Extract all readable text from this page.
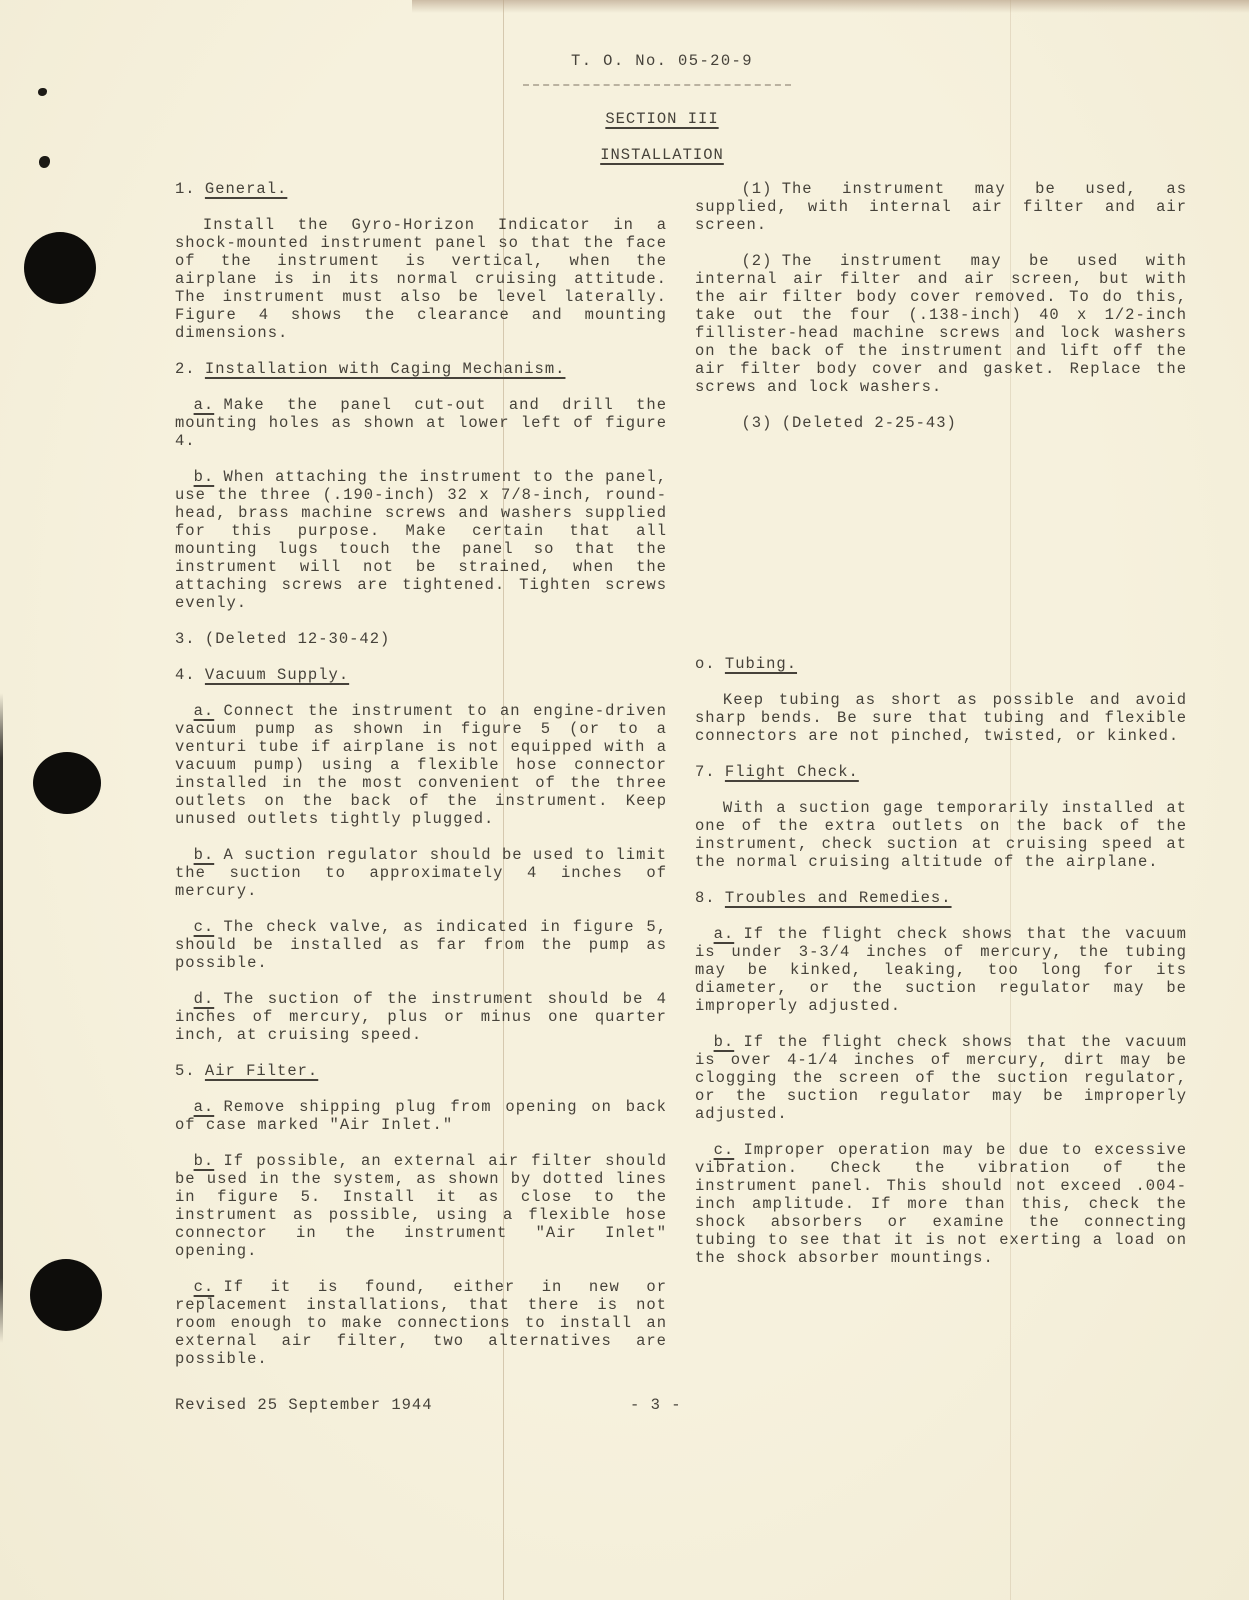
T. O. No. 05-20-9
SECTION III
INSTALLATION

1. General.

Install the Gyro-Horizon Indicator in a shock-mounted instrument panel so that the face of the instrument is vertical, when the airplane is in its normal cruising attitude. The instrument must also be level laterally. Figure 4 shows the clearance and mounting dimensions.

2. Installation with Caging Mechanism.

a. Make the panel cut-out and drill the mounting holes as shown at lower left of figure 4.

b. When attaching the instrument to the panel, use the three (.190-inch) 32 x 7/8-inch, round-head, brass machine screws and washers supplied for this purpose. Make certain that all mounting lugs touch the panel so that the instrument will not be strained, when the attaching screws are tightened. Tighten screws evenly.

3. (Deleted 12-30-42)

4. Vacuum Supply.

a. Connect the instrument to an engine-driven vacuum pump as shown in figure 5 (or to a venturi tube if airplane is not equipped with a vacuum pump) using a flexible hose connector installed in the most convenient of the three outlets on the back of the instrument. Keep unused outlets tightly plugged.

b. A suction regulator should be used to limit the suction to approximately 4 inches of mercury.

c. The check valve, as indicated in figure 5, should be installed as far from the pump as possible.

d. The suction of the instrument should be 4 inches of mercury, plus or minus one quarter inch, at cruising speed.

5. Air Filter.

a. Remove shipping plug from opening on back of case marked "Air Inlet."

b. If possible, an external air filter should be used in the system, as shown by dotted lines in figure 5. Install it as close to the instrument as possible, using a flexible hose connector in the instrument "Air Inlet" opening.

c. If it is found, either in new or replacement installations, that there is not room enough to make connections to install an external air filter, two alternatives are possible.

(1) The instrument may be used, as supplied, with internal air filter and air screen.

(2) The instrument may be used with internal air filter and air screen, but with the air filter body cover removed. To do this, take out the four (.138-inch) 40 x 1/2-inch fillister-head machine screws and lock washers on the back of the instrument and lift off the air filter body cover and gasket. Replace the screws and lock washers.

(3) (Deleted 2-25-43)

o. Tubing.

Keep tubing as short as possible and avoid sharp bends. Be sure that tubing and flexible connectors are not pinched, twisted, or kinked.

7. Flight Check.

With a suction gage temporarily installed at one of the extra outlets on the back of the instrument, check suction at cruising speed at the normal cruising altitude of the airplane.

8. Troubles and Remedies.

a. If the flight check shows that the vacuum is under 3-3/4 inches of mercury, the tubing may be kinked, leaking, too long for its diameter, or the suction regulator may be improperly adjusted.

b. If the flight check shows that the vacuum is over 4-1/4 inches of mercury, dirt may be clogging the screen of the suction regulator, or the suction regulator may be improperly adjusted.

c. Improper operation may be due to excessive vibration. Check the vibration of the instrument panel. This should not exceed .004-inch amplitude. If more than this, check the shock absorbers or examine the connecting tubing to see that it is not exerting a load on the shock absorber mountings.

Revised 25 September 1944	- 3 -
